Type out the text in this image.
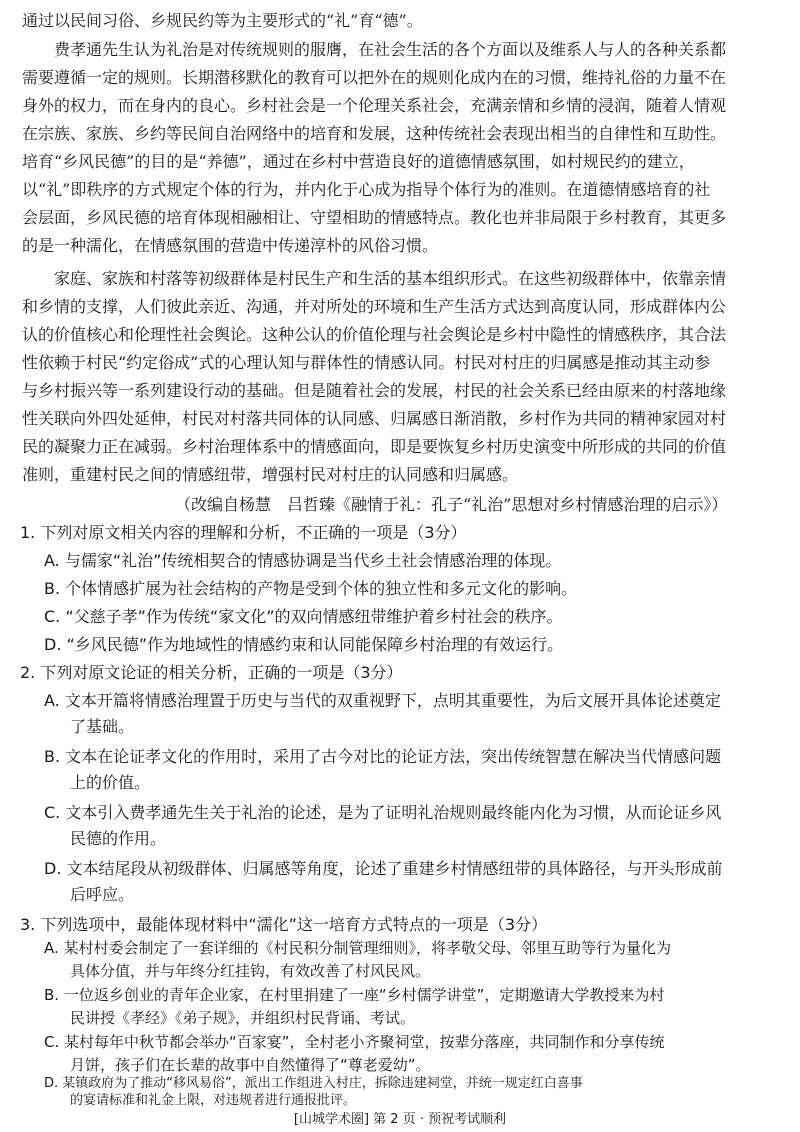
通过以民间习俗、乡规民约等为主要形式的“礼”育“德”。
费孝通先生认为礼治是对传统规则的服膺，在社会生活的各个方面以及维系人与人的各种关系都
需要遵循一定的规则。长期潜移默化的教育可以把外在的规则化成内在的习惯，维持礼俗的力量不在
身外的权力，而在身内的良心。乡村社会是一个伦理关系社会，充满亲情和乡情的浸润，随着人情观
在宗族、家族、乡约等民间自治网络中的培育和发展，这种传统社会表现出相当的自律性和互助性。
培育“乡风民德”的目的是“养德”，通过在乡村中营造良好的道德情感氛围，如村规民约的建立，
以“礼”即秩序的方式规定个体的行为，并内化于心成为指导个体行为的准则。在道德情感培育的社
会层面，乡风民德的培育体现相融相让、守望相助的情感特点。教化也并非局限于乡村教育，其更多
的是一种濡化，在情感氛围的营造中传递淳朴的风俗习惯。
家庭、家族和村落等初级群体是村民生产和生活的基本组织形式。在这些初级群体中，依靠亲情
和乡情的支撑，人们彼此亲近、沟通，并对所处的环境和生产生活方式达到高度认同，形成群体内公
认的价值核心和伦理性社会舆论。这种公认的价值伦理与社会舆论是乡村中隐性的情感秩序，其合法
性依赖于村民“约定俗成”式的心理认知与群体性的情感认同。村民对村庄的归属感是推动其主动参
与乡村振兴等一系列建设行动的基础。但是随着社会的发展，村民的社会关系已经由原来的村落地缘
性关联向外四处延伸，村民对村落共同体的认同感、归属感日渐消散，乡村作为共同的精神家园对村
民的凝聚力正在减弱。乡村治理体系中的情感面向，即是要恢复乡村历史演变中所形成的共同的价值
准则，重建村民之间的情感纽带，增强村民对村庄的认同感和归属感。
（改编自杨慧　吕哲臻《融情于礼：孔子“礼治”思想对乡村情感治理的启示》）
1. 下列对原文相关内容的理解和分析，不正确的一项是（3分）
A. 与儒家“礼治”传统相契合的情感协调是当代乡土社会情感治理的体现。
B. 个体情感扩展为社会结构的产物是受到个体的独立性和多元文化的影响。
C. “父慈子孝”作为传统“家文化”的双向情感纽带维护着乡村社会的秩序。
D. “乡风民德”作为地域性的情感约束和认同能保障乡村治理的有效运行。
2. 下列对原文论证的相关分析，正确的一项是（3分）
A. 文本开篇将情感治理置于历史与当代的双重视野下，点明其重要性，为后文展开具体论述奠定
了基础。
B. 文本在论证孝文化的作用时，采用了古今对比的论证方法，突出传统智慧在解决当代情感问题
上的价值。
C. 文本引入费孝通先生关于礼治的论述，是为了证明礼治规则最终能内化为习惯，从而论证乡风
民德的作用。
D. 文本结尾段从初级群体、归属感等角度，论述了重建乡村情感纽带的具体路径，与开头形成前
后呼应。
3. 下列选项中，最能体现材料中“濡化”这一培育方式特点的一项是（3分）
A. 某村村委会制定了一套详细的《村民积分制管理细则》，将孝敬父母、邻里互助等行为量化为
具体分值，并与年终分红挂钩，有效改善了村风民风。
B. 一位返乡创业的青年企业家，在村里捐建了一座“乡村儒学讲堂”，定期邀请大学教授来为村
民讲授《孝经》《弟子规》，并组织村民背诵、考试。
C. 某村每年中秋节都会举办“百家宴”，全村老小齐聚祠堂，按辈分落座，共同制作和分享传统
月饼，孩子们在长辈的故事中自然懂得了“尊老爱幼”。
D. 某镇政府为了推动“移风易俗”，派出工作组进入村庄，拆除违建祠堂，并统一规定红白喜事
[山城学术圈] 第 2 页 · 预祝考试顺利
的宴请标准和礼金上限，对违规者进行通报批评。
